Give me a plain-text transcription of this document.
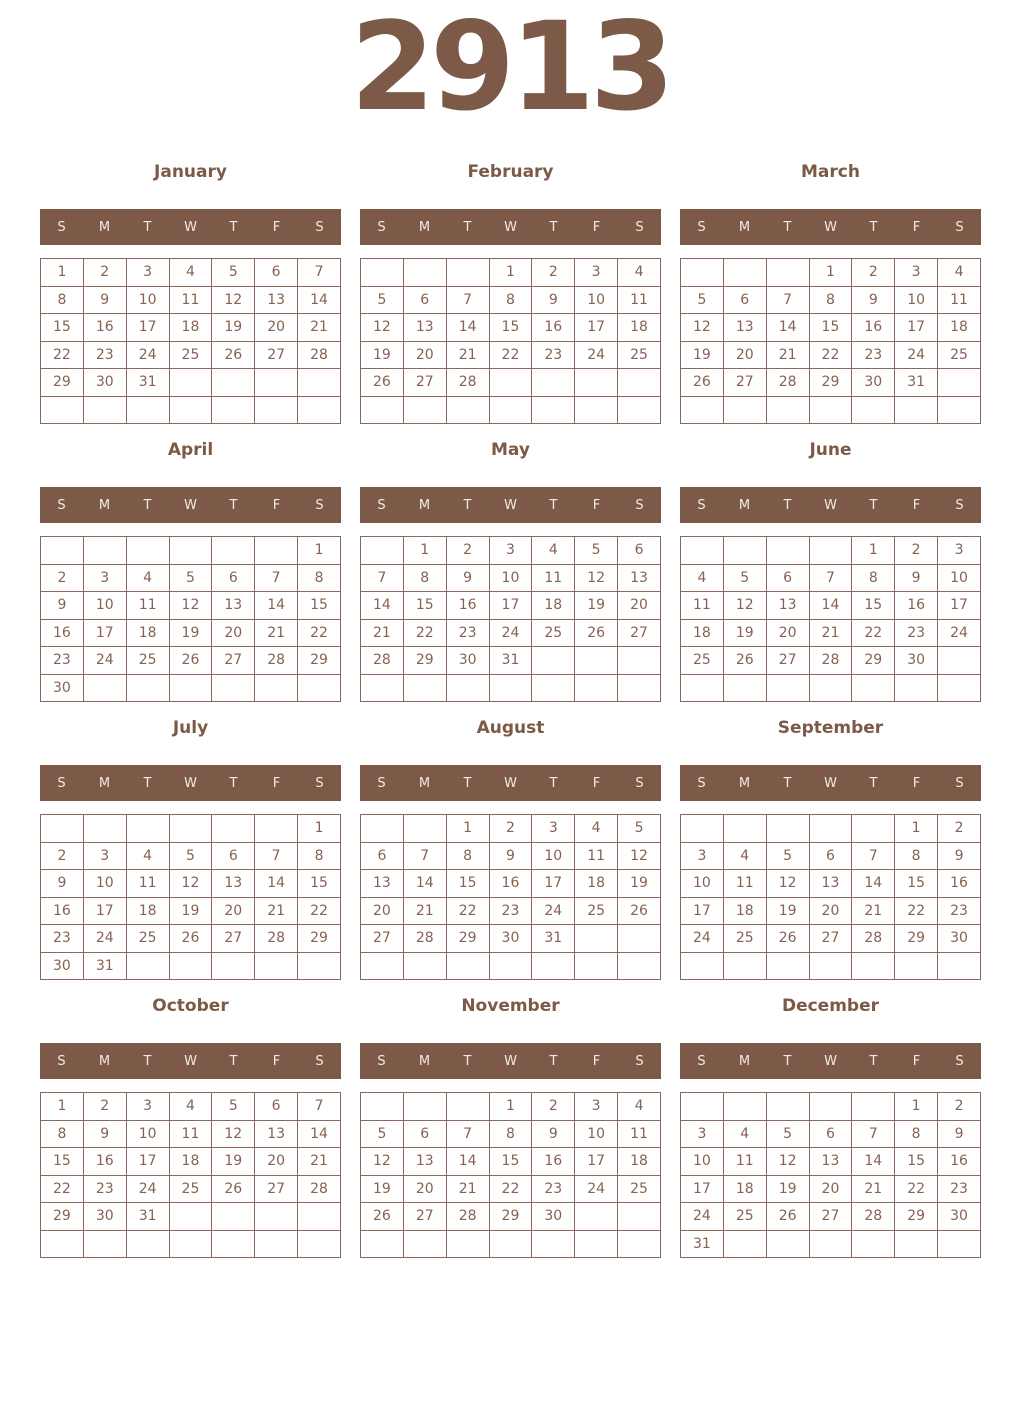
2913
January
S	M	T	W	T	F	S
1	2	3	4	5	6	7
8	9	10	11	12	13	14
15	16	17	18	19	20	21
22	23	24	25	26	27	28
29	30	31				

February
S	M	T	W	T	F	S
			1	2	3	4
5	6	7	8	9	10	11
12	13	14	15	16	17	18
19	20	21	22	23	24	25
26	27	28				

March
S	M	T	W	T	F	S
			1	2	3	4
5	6	7	8	9	10	11
12	13	14	15	16	17	18
19	20	21	22	23	24	25
26	27	28	29	30	31	

April
S	M	T	W	T	F	S
						1
2	3	4	5	6	7	8
9	10	11	12	13	14	15
16	17	18	19	20	21	22
23	24	25	26	27	28	29
30						
May
S	M	T	W	T	F	S
	1	2	3	4	5	6
7	8	9	10	11	12	13
14	15	16	17	18	19	20
21	22	23	24	25	26	27
28	29	30	31			

June
S	M	T	W	T	F	S
				1	2	3
4	5	6	7	8	9	10
11	12	13	14	15	16	17
18	19	20	21	22	23	24
25	26	27	28	29	30	

July
S	M	T	W	T	F	S
						1
2	3	4	5	6	7	8
9	10	11	12	13	14	15
16	17	18	19	20	21	22
23	24	25	26	27	28	29
30	31					
August
S	M	T	W	T	F	S
		1	2	3	4	5
6	7	8	9	10	11	12
13	14	15	16	17	18	19
20	21	22	23	24	25	26
27	28	29	30	31		

September
S	M	T	W	T	F	S
					1	2
3	4	5	6	7	8	9
10	11	12	13	14	15	16
17	18	19	20	21	22	23
24	25	26	27	28	29	30

October
S	M	T	W	T	F	S
1	2	3	4	5	6	7
8	9	10	11	12	13	14
15	16	17	18	19	20	21
22	23	24	25	26	27	28
29	30	31				

November
S	M	T	W	T	F	S
			1	2	3	4
5	6	7	8	9	10	11
12	13	14	15	16	17	18
19	20	21	22	23	24	25
26	27	28	29	30		

December
S	M	T	W	T	F	S
					1	2
3	4	5	6	7	8	9
10	11	12	13	14	15	16
17	18	19	20	21	22	23
24	25	26	27	28	29	30
31						
